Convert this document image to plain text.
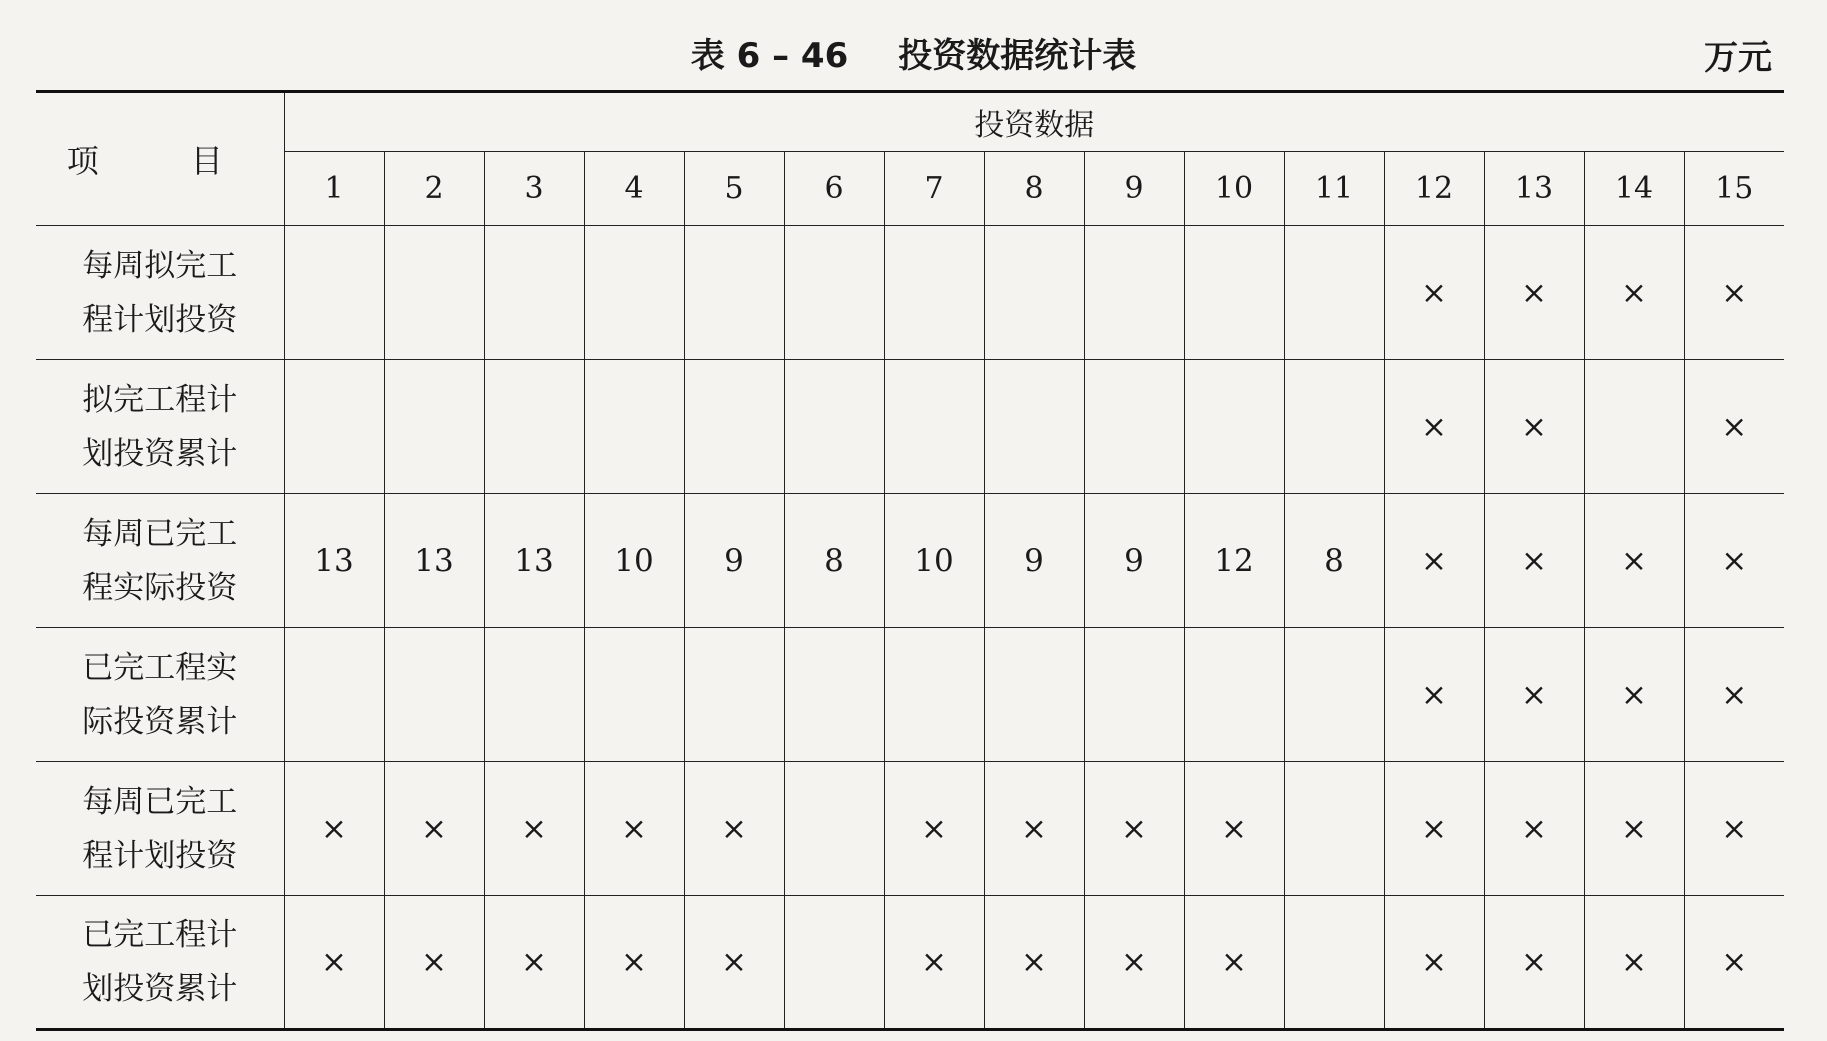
表 6 – 46 投资数据统计表	万元
项　目	投资数据														
	1	2	3	4	5	6	7	8	9	10	11	12	13	14	15

每周拟完工
程计划投资												×	×	×	×

拟完工程计
划投资累计												×	×		×

每周已完工
程实际投资	13	13	13	10	9	8	10	9	9	12	8	×	×	×	×

已完工程实
际投资累计												×	×	×	×

每周已完工
程计划投资	×	×	×	×	×		×	×	×	×		×	×	×	×

已完工程计
划投资累计	×	×	×	×	×		×	×	×	×		×	×	×	×
